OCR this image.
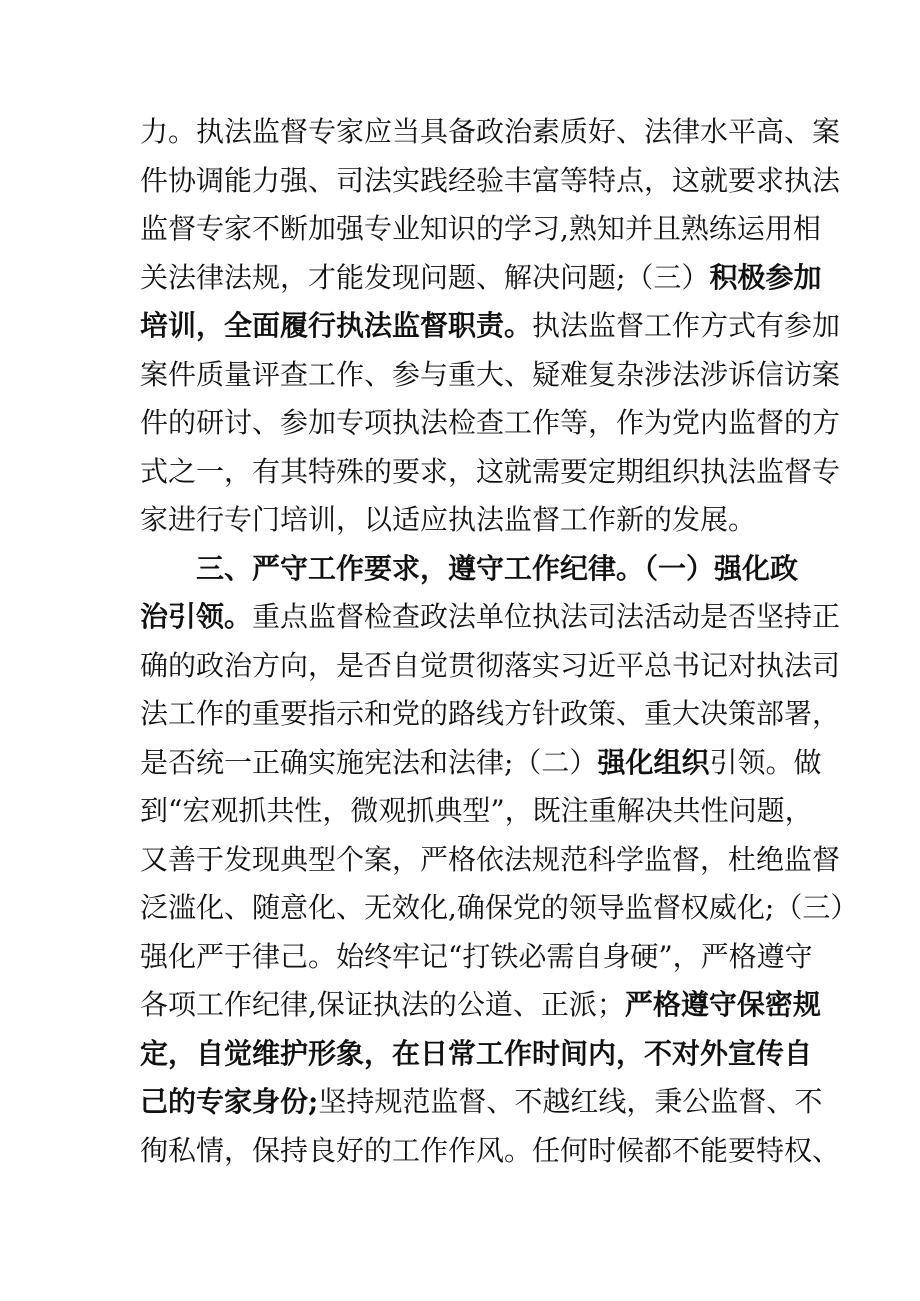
力。执法监督专家应当具备政治素质好、法律水平高、案
件协调能力强、司法实践经验丰富等特点，这就要求执法
监督专家不断加强专业知识的学习,熟知并且熟练运用相
关法律法规，才能发现问题、解决问题;（三）积极参加
培训，全面履行执法监督职责。执法监督工作方式有参加
案件质量评查工作、参与重大、疑难复杂涉法涉诉信访案
件的研讨、参加专项执法检查工作等，作为党内监督的方
式之一，有其特殊的要求，这就需要定期组织执法监督专
家进行专门培训，以适应执法监督工作新的发展。
三、严守工作要求，遵守工作纪律。（一）强化政
治引领。重点监督检查政法单位执法司法活动是否坚持正
确的政治方向，是否自觉贯彻落实习近平总书记对执法司
法工作的重要指示和党的路线方针政策、重大决策部署，
是否统一正确实施宪法和法律;（二）强化组织引领。做
到“宏观抓共性，微观抓典型”，既注重解决共性问题，
又善于发现典型个案，严格依法规范科学监督，杜绝监督
泛滥化、随意化、无效化,确保党的领导监督权威化;（三）
强化严于律己。始终牢记“打铁必需自身硬”，严格遵守
各项工作纪律,保证执法的公道、正派；严格遵守保密规
定，自觉维护形象，在日常工作时间内，不对外宣传自
己的专家身份;坚持规范监督、不越红线，秉公监督、不
徇私情，保持良好的工作作风。任何时候都不能要特权、
